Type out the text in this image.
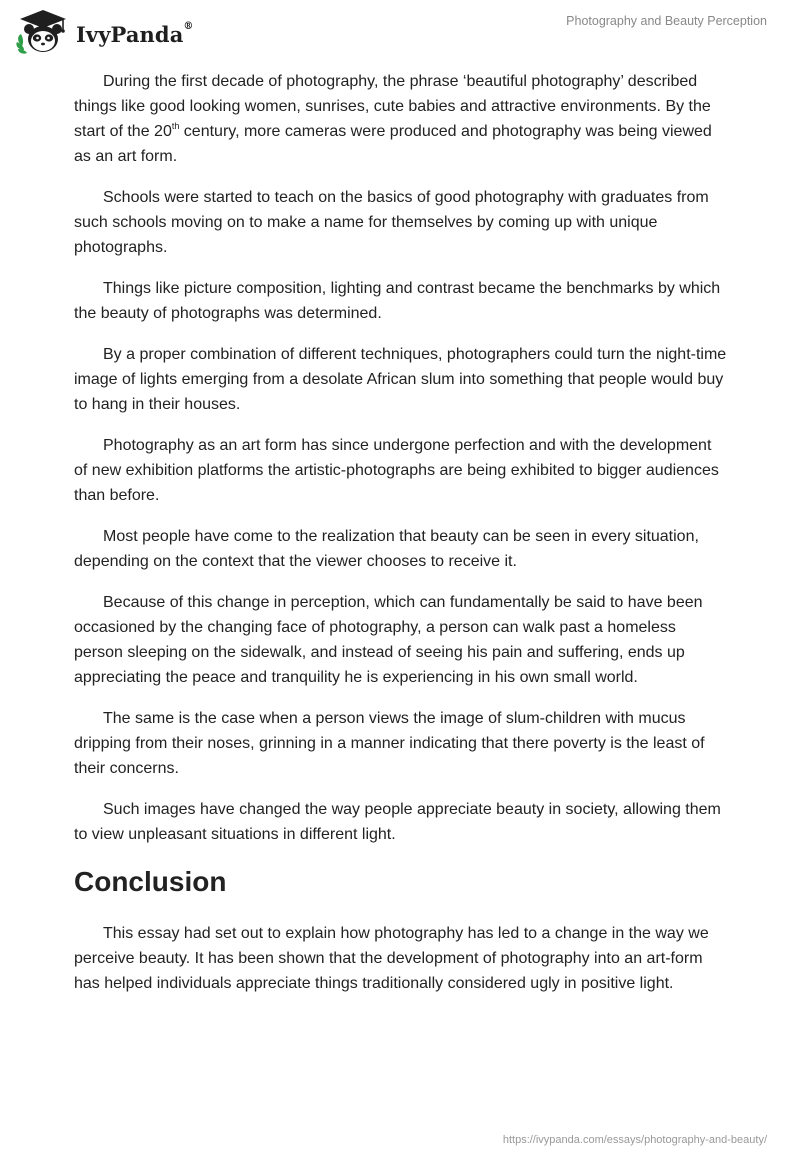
IvyPanda®	Photography and Beauty Perception

During the first decade of photography, the phrase ‘beautiful photography’ described things like good looking women, sunrises, cute babies and attractive environments. By the start of the 20th century, more cameras were produced and photography was being viewed as an art form.

Schools were started to teach on the basics of good photography with graduates from such schools moving on to make a name for themselves by coming up with unique photographs.

Things like picture composition, lighting and contrast became the benchmarks by which the beauty of photographs was determined.

By a proper combination of different techniques, photographers could turn the night-time image of lights emerging from a desolate African slum into something that people would buy to hang in their houses.

Photography as an art form has since undergone perfection and with the development of new exhibition platforms the artistic-photographs are being exhibited to bigger audiences than before.

Most people have come to the realization that beauty can be seen in every situation, depending on the context that the viewer chooses to receive it.

Because of this change in perception, which can fundamentally be said to have been occasioned by the changing face of photography, a person can walk past a homeless person sleeping on the sidewalk, and instead of seeing his pain and suffering, ends up appreciating the peace and tranquility he is experiencing in his own small world.

The same is the case when a person views the image of slum-children with mucus dripping from their noses, grinning in a manner indicating that there poverty is the least of their concerns.

Such images have changed the way people appreciate beauty in society, allowing them to view unpleasant situations in different light.

Conclusion

This essay had set out to explain how photography has led to a change in the way we perceive beauty. It has been shown that the development of photography into an art-form has helped individuals appreciate things traditionally considered ugly in positive light.

https://ivypanda.com/essays/photography-and-beauty/
